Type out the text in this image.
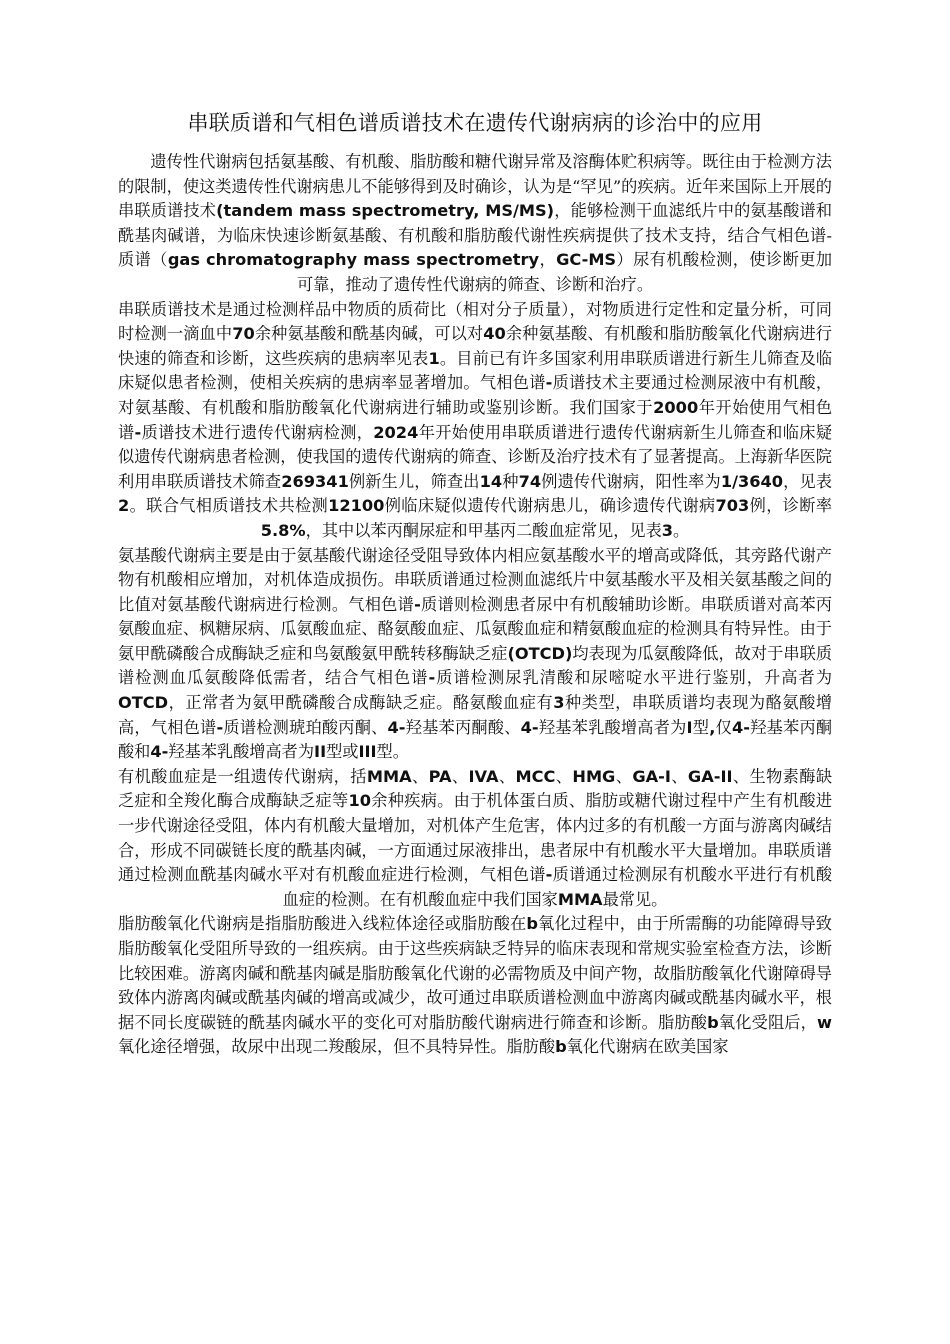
串联质谱和气相色谱质谱技术在遗传代谢病病的诊治中的应用

遗传性代谢病包括氨基酸、有机酸、脂肪酸和糖代谢异常及溶酶体贮积病等。既往由于检测方法的限制，使这类遗传性代谢病患儿不能够得到及时确诊，认为是“罕见”的疾病。近年来国际上开展的串联质谱技术(tandem mass spectrometry, MS/MS)，能够检测干血滤纸片中的氨基酸谱和酰基肉碱谱，为临床快速诊断氨基酸、有机酸和脂肪酸代谢性疾病提供了技术支持，结合气相色谱-质谱（gas chromatography mass spectrometry，GC-MS）尿有机酸检测，使诊断更加可靠，推动了遗传性代谢病的筛查、诊断和治疗。

串联质谱技术是通过检测样品中物质的质荷比（相对分子质量），对物质进行定性和定量分析，可同时检测一滴血中70余种氨基酸和酰基肉碱，可以对40余种氨基酸、有机酸和脂肪酸氧化代谢病进行快速的筛查和诊断，这些疾病的患病率见表1。目前已有许多国家利用串联质谱进行新生儿筛查及临床疑似患者检测，使相关疾病的患病率显著增加。气相色谱-质谱技术主要通过检测尿液中有机酸，对氨基酸、有机酸和脂肪酸氧化代谢病进行辅助或鉴别诊断。我们国家于2000年开始使用气相色谱-质谱技术进行遗传代谢病检测，2024年开始使用串联质谱进行遗传代谢病新生儿筛查和临床疑似遗传代谢病患者检测，使我国的遗传代谢病的筛查、诊断及治疗技术有了显著提高。上海新华医院利用串联质谱技术筛查269341例新生儿，筛查出14种74例遗传代谢病，阳性率为1/3640，见表2。联合气相质谱技术共检测12100例临床疑似遗传代谢病患儿，确诊遗传代谢病703例，诊断率5.8%，其中以苯丙酮尿症和甲基丙二酸血症常见，见表3。

氨基酸代谢病主要是由于氨基酸代谢途径受阻导致体内相应氨基酸水平的增高或降低，其旁路代谢产物有机酸相应增加，对机体造成损伤。串联质谱通过检测血滤纸片中氨基酸水平及相关氨基酸之间的比值对氨基酸代谢病进行检测。气相色谱-质谱则检测患者尿中有机酸辅助诊断。串联质谱对高苯丙氨酸血症、枫糖尿病、瓜氨酸血症、酪氨酸血症、瓜氨酸血症和精氨酸血症的检测具有特异性。由于氨甲酰磷酸合成酶缺乏症和鸟氨酸氨甲酰转移酶缺乏症(OTCD)均表现为瓜氨酸降低，故对于串联质谱检测血瓜氨酸降低需者，结合气相色谱-质谱检测尿乳清酸和尿嘧啶水平进行鉴别，升高者为OTCD，正常者为氨甲酰磷酸合成酶缺乏症。酪氨酸血症有3种类型，串联质谱均表现为酪氨酸增高，气相色谱-质谱检测琥珀酸丙酮、4-羟基苯丙酮酸、4-羟基苯乳酸增高者为I型,仅4-羟基苯丙酮酸和4-羟基苯乳酸增高者为II型或III型。

有机酸血症是一组遗传代谢病，括MMA、PA、IVA、MCC、HMG、GA-I、GA-II、生物素酶缺乏症和全羧化酶合成酶缺乏症等10余种疾病。由于机体蛋白质、脂肪或糖代谢过程中产生有机酸进一步代谢途径受阻，体内有机酸大量增加，对机体产生危害，体内过多的有机酸一方面与游离肉碱结合，形成不同碳链长度的酰基肉碱，一方面通过尿液排出，患者尿中有机酸水平大量增加。串联质谱通过检测血酰基肉碱水平对有机酸血症进行检测，气相色谱-质谱通过检测尿有机酸水平进行有机酸血症的检测。在有机酸血症中我们国家MMA最常见。

脂肪酸氧化代谢病是指脂肪酸进入线粒体途径或脂肪酸在b氧化过程中，由于所需酶的功能障碍导致脂肪酸氧化受阻所导致的一组疾病。由于这些疾病缺乏特异的临床表现和常规实验室检查方法，诊断比较困难。游离肉碱和酰基肉碱是脂肪酸氧化代谢的必需物质及中间产物，故脂肪酸氧化代谢障碍导致体内游离肉碱或酰基肉碱的增高或减少，故可通过串联质谱检测血中游离肉碱或酰基肉碱水平，根据不同长度碳链的酰基肉碱水平的变化可对脂肪酸代谢病进行筛查和诊断。脂肪酸b氧化受阻后，w氧化途径增强，故尿中出现二羧酸尿，但不具特异性。脂肪酸b氧化代谢病在欧美国家
